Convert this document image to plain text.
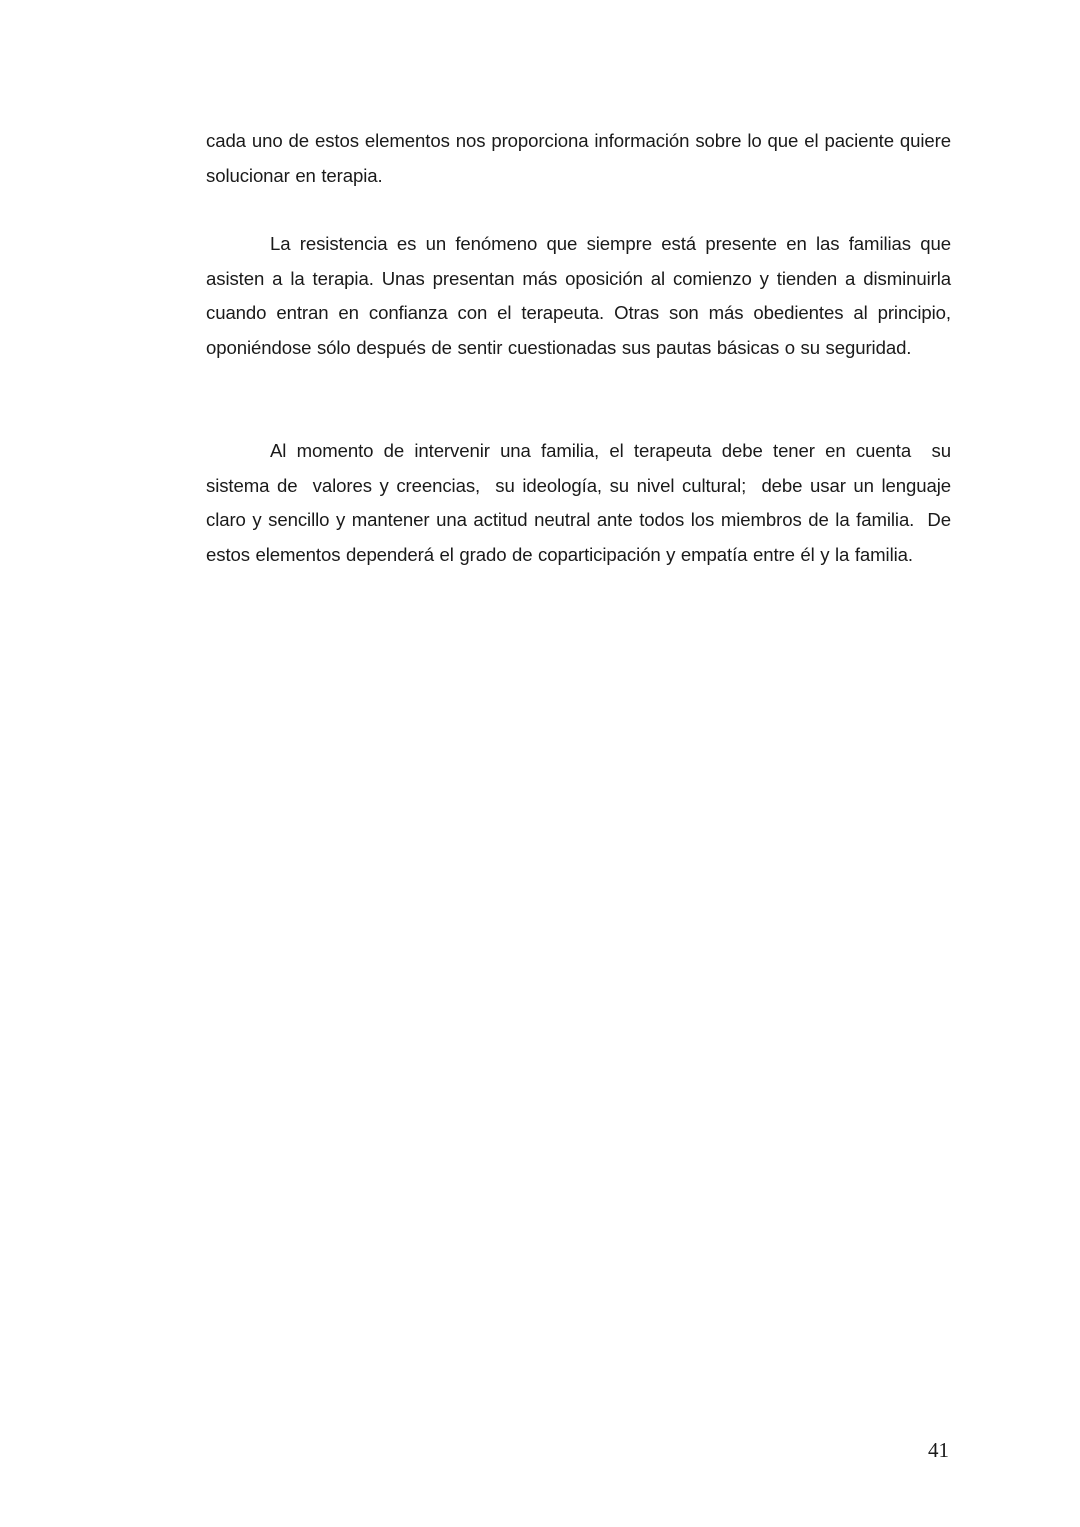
cada uno de estos elementos nos proporciona información sobre lo que el paciente quiere solucionar en terapia.

La resistencia es un fenómeno que siempre está presente en las familias que asisten a la terapia. Unas presentan más oposición al comienzo y tienden a disminuirla cuando entran en confianza con el terapeuta. Otras son más obedientes al principio, oponiéndose sólo después de sentir cuestionadas sus pautas básicas o su seguridad.

Al momento de intervenir una familia, el terapeuta debe tener en cuenta  su sistema de  valores y creencias,  su ideología, su nivel cultural;  debe usar un lenguaje claro y sencillo y mantener una actitud neutral ante todos los miembros de la familia.  De estos elementos dependerá el grado de coparticipación y empatía entre él y la familia.

41
